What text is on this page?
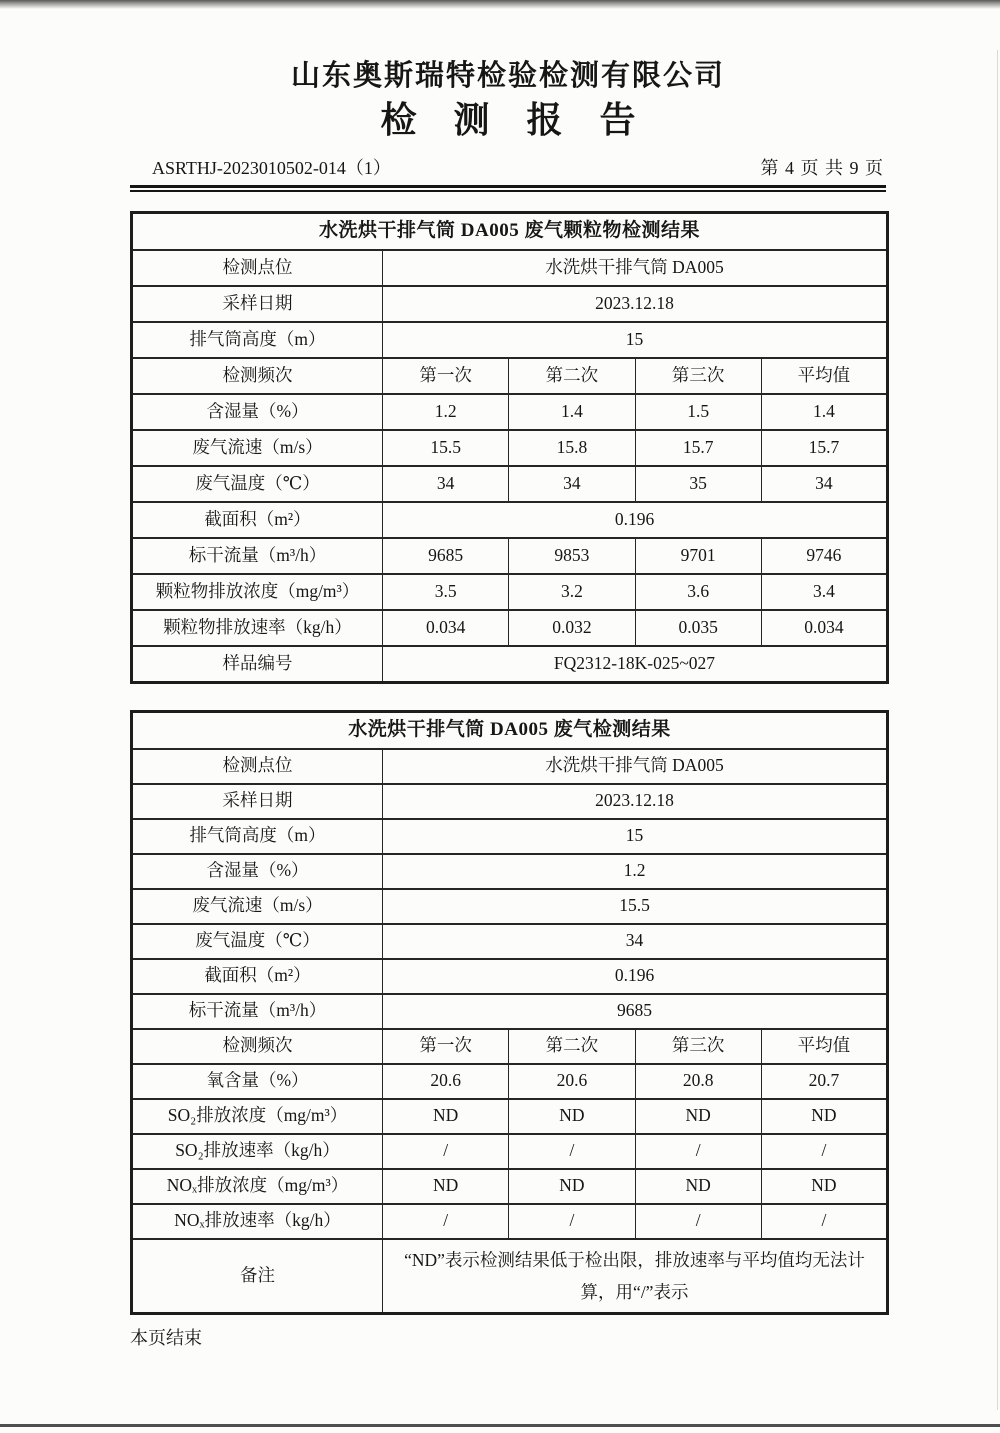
山东奥斯瑞特检验检测有限公司
检 测 报 告
ASRTHJ-2023010502-014（1）	第 4 页 共 9 页
水洗烘干排气筒 DA005 废气颗粒物检测结果				
检测点位	水洗烘干排气筒 DA005			
采样日期	2023.12.18			
排气筒高度（m）	15			
检测频次	第一次	第二次	第三次	平均值
含湿量（%）	1.2	1.4	1.5	1.4
废气流速（m/s）	15.5	15.8	15.7	15.7
废气温度（℃）	34	34	35	34
截面积（m²）	0.196			
标干流量（m³/h）	9685	9853	9701	9746
颗粒物排放浓度（mg/m³）	3.5	3.2	3.6	3.4
颗粒物排放速率（kg/h）	0.034	0.032	0.035	0.034
样品编号	FQ2312-18K-025~027			
水洗烘干排气筒 DA005 废气检测结果				
检测点位	水洗烘干排气筒 DA005			
采样日期	2023.12.18			
排气筒高度（m）	15			
含湿量（%）	1.2			
废气流速（m/s）	15.5			
废气温度（℃）	34			
截面积（m²）	0.196			
标干流量（m³/h）	9685			
检测频次	第一次	第二次	第三次	平均值
氧含量（%）	20.6	20.6	20.8	20.7
SO₂排放浓度（mg/m³）	ND	ND	ND	ND
SO₂排放速率（kg/h）	/	/	/	/
NOₓ排放浓度（mg/m³）	ND	ND	ND	ND
NOₓ排放速率（kg/h）	/	/	/	/
备注	“ND”表示检测结果低于检出限，排放速率与平均值均无法计算，用“/”表示			
本页结束
